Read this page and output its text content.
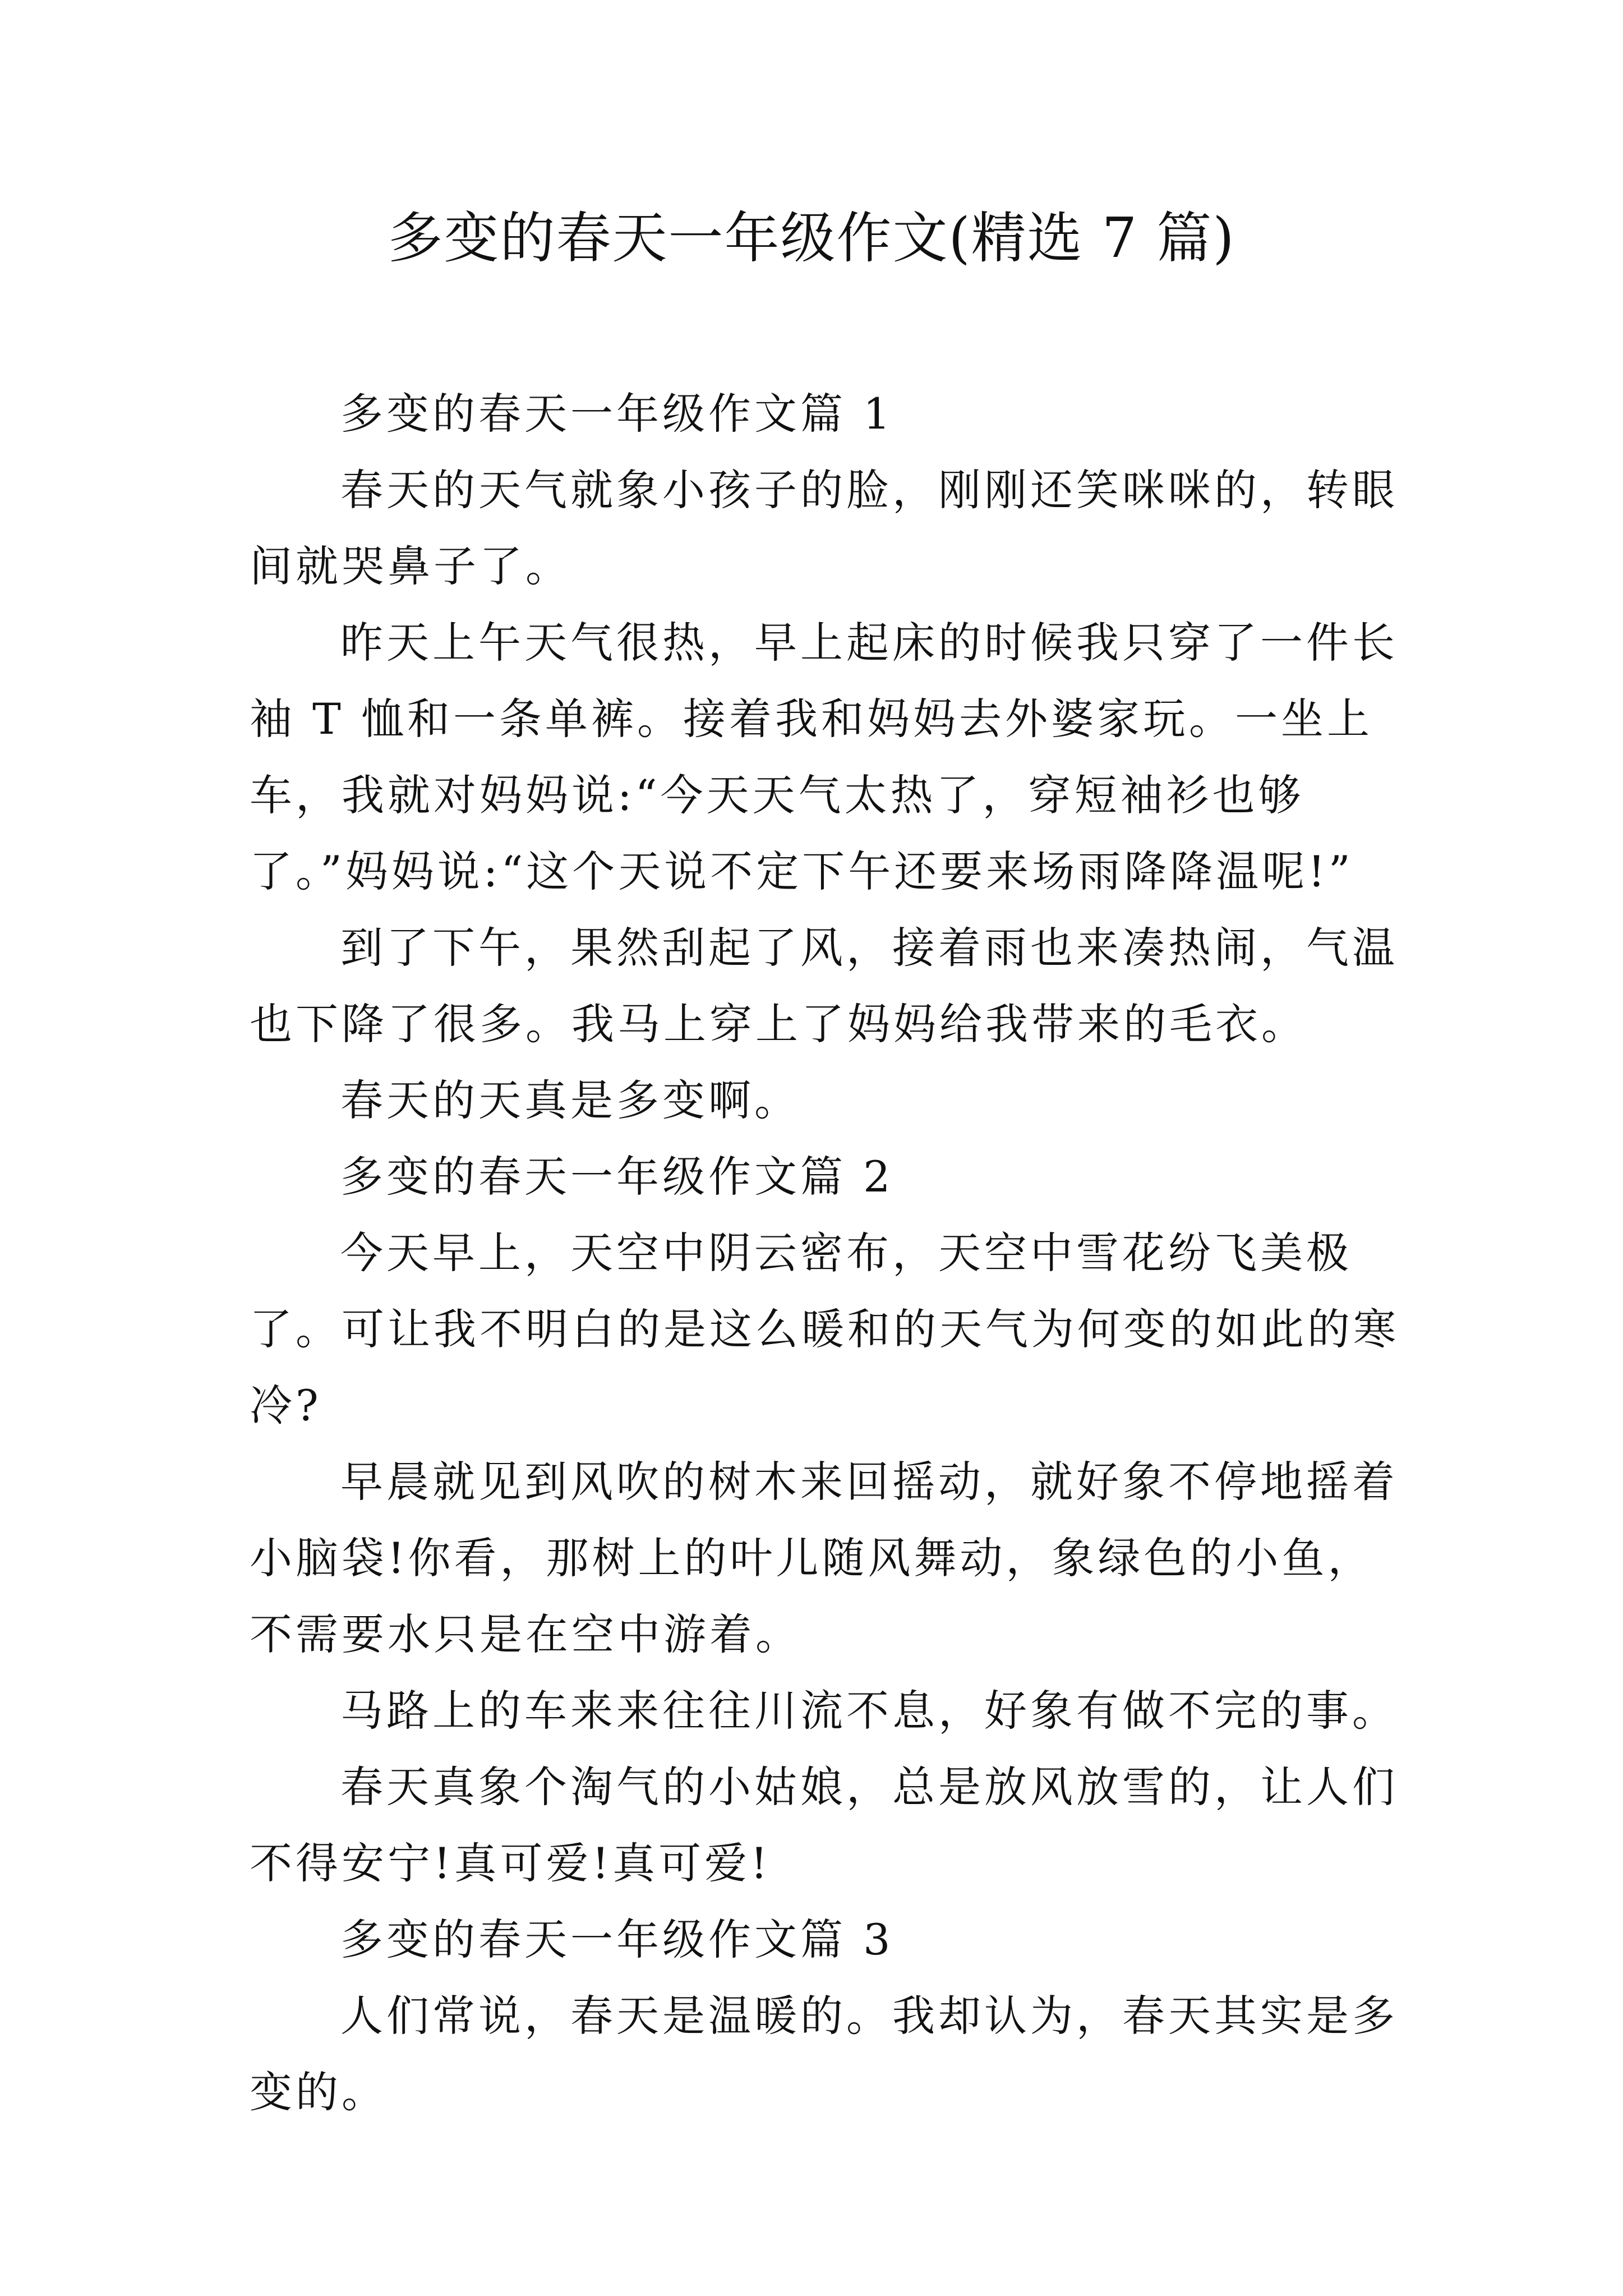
多变的春天一年级作文(精选 7 篇)

多变的春天一年级作文篇 1

春天的天气就象小孩子的脸，刚刚还笑咪咪的，转眼间就哭鼻子了。

昨天上午天气很热，早上起床的时候我只穿了一件长袖 T 恤和一条单裤。接着我和妈妈去外婆家玩。一坐上车，我就对妈妈说:“今天天气太热了，穿短袖衫也够了。”妈妈说:“这个天说不定下午还要来场雨降降温呢!”

到了下午，果然刮起了风，接着雨也来凑热闹，气温也下降了很多。我马上穿上了妈妈给我带来的毛衣。

春天的天真是多变啊。

多变的春天一年级作文篇 2

今天早上，天空中阴云密布，天空中雪花纷飞美极了。可让我不明白的是这么暖和的天气为何变的如此的寒冷?

早晨就见到风吹的树木来回摇动，就好象不停地摇着小脑袋!你看，那树上的叶儿随风舞动，象绿色的小鱼，不需要水只是在空中游着。

马路上的车来来往往川流不息，好象有做不完的事。

春天真象个淘气的小姑娘，总是放风放雪的，让人们不得安宁!真可爱!真可爱!

多变的春天一年级作文篇 3

人们常说，春天是温暖的。我却认为，春天其实是多变的。
